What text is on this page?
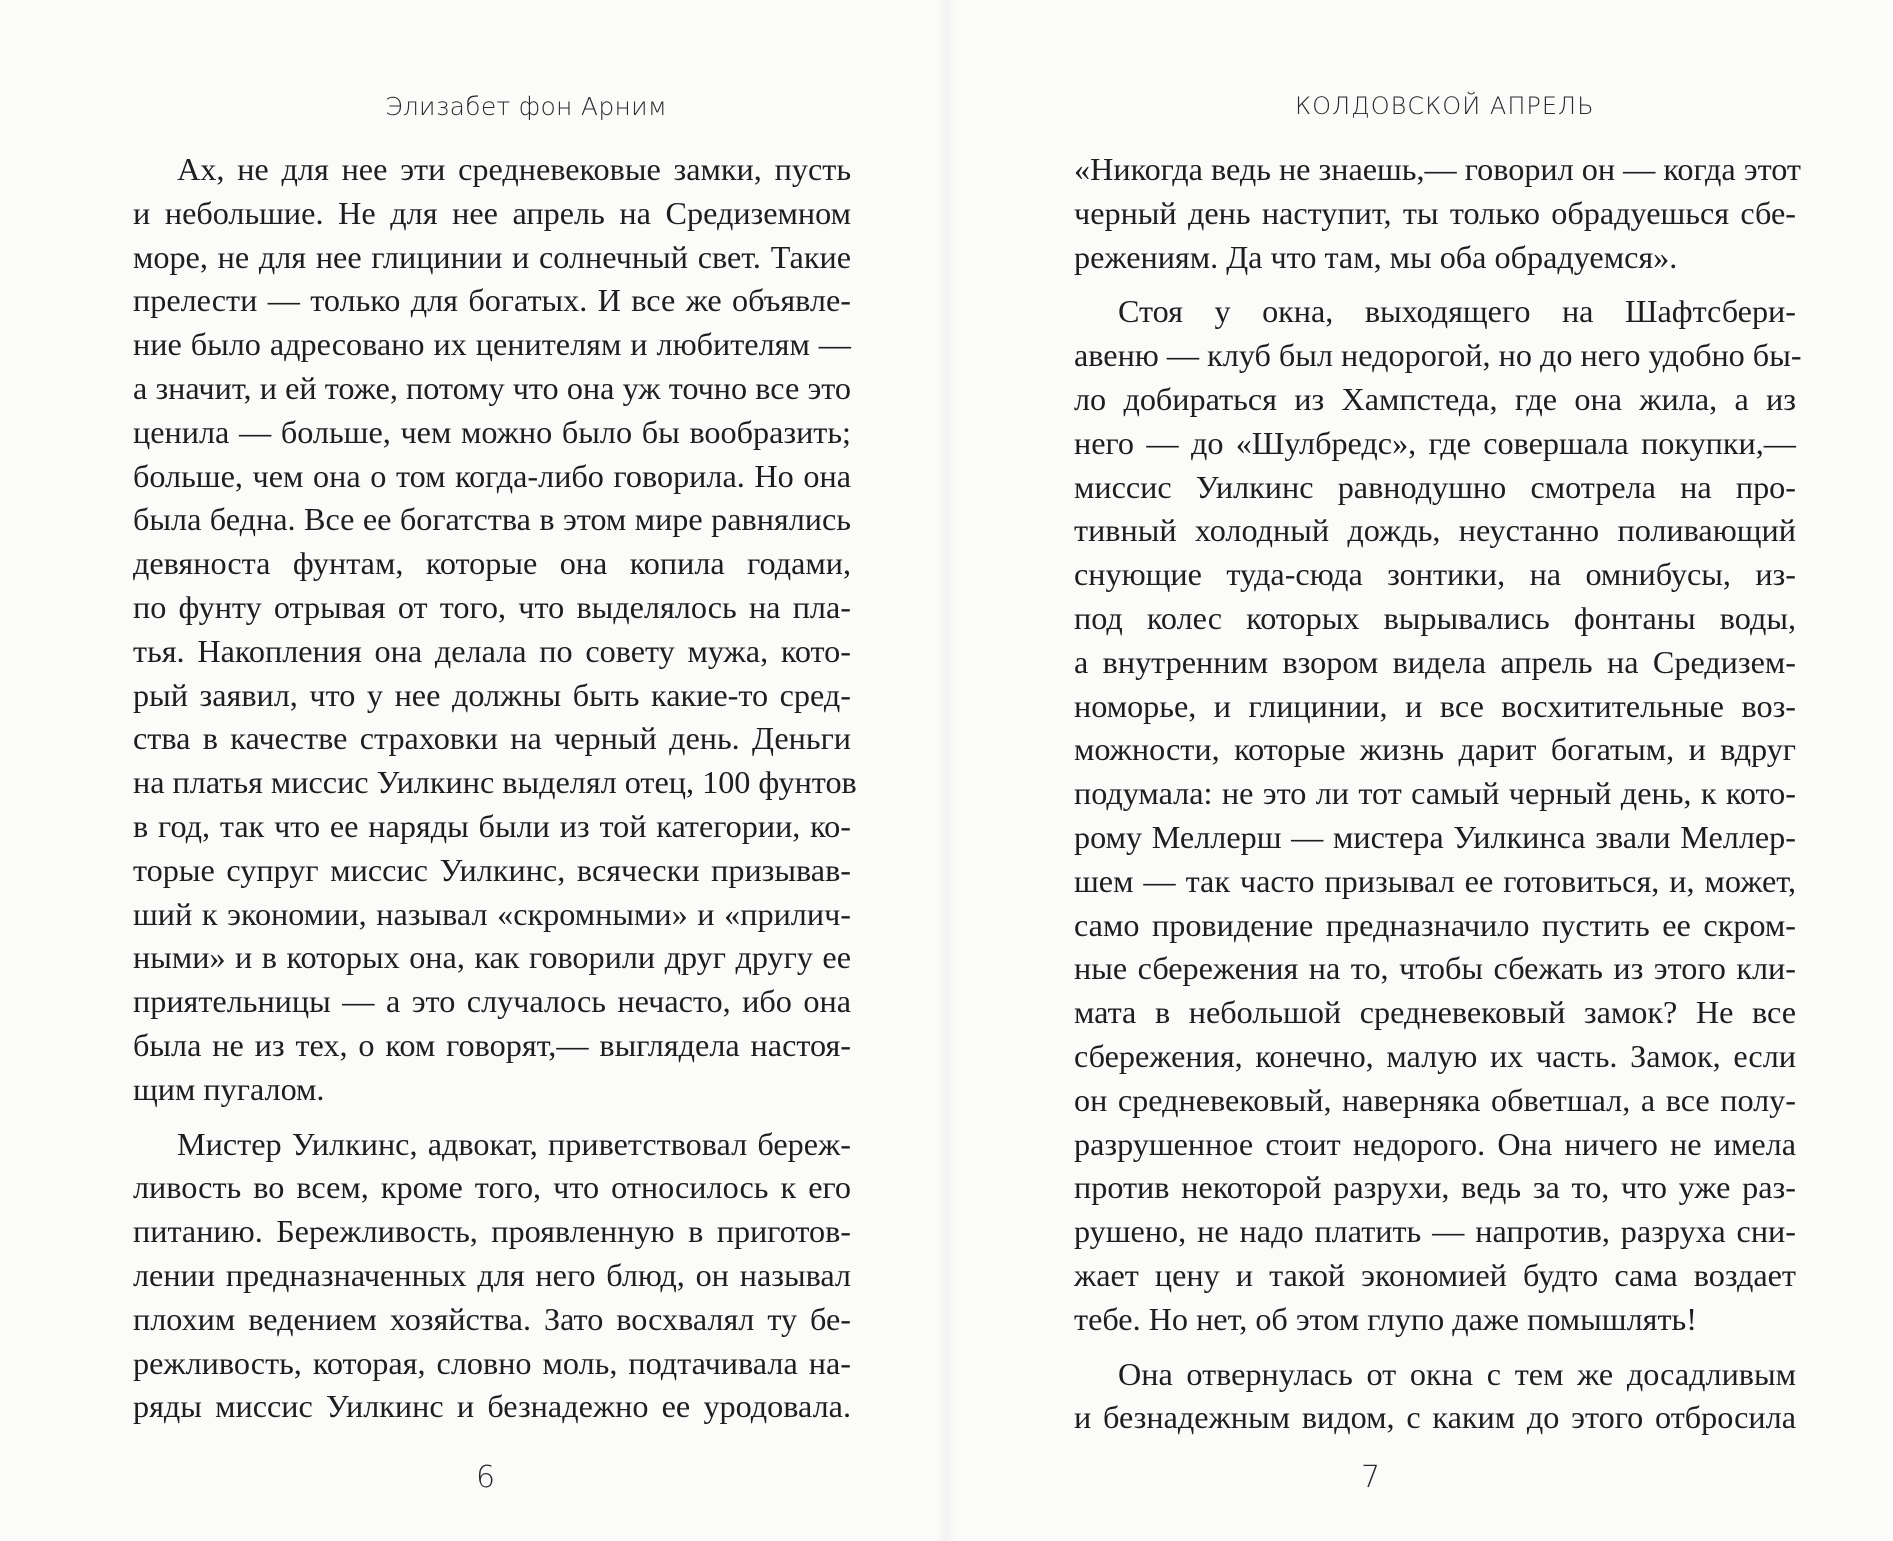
Элизабет фон Арним
Ах, не для нее эти средневековые замки, пусть
и небольшие. Не для нее апрель на Средиземном
море, не для нее глицинии и солнечный свет. Такие
прелести — только для богатых. И все же объявле-
ние было адресовано их ценителям и любителям —
а значит, и ей тоже, потому что она уж точно все это
ценила — больше, чем можно было бы вообразить;
больше, чем она о том когда-либо говорила. Но она
была бедна. Все ее богатства в этом мире равнялись
девяноста фунтам, которые она копила годами,
по фунту отрывая от того, что выделялось на пла-
тья. Накопления она делала по совету мужа, кото-
рый заявил, что у нее должны быть какие-то сред-
ства в качестве страховки на черный день. Деньги
на платья миссис Уилкинс выделял отец, 100 фунтов
в год, так что ее наряды были из той категории, ко-
торые супруг миссис Уилкинс, всячески призывав-
ший к экономии, называл «скромными» и «прилич-
ными» и в которых она, как говорили друг другу ее
приятельницы — а это случалось нечасто, ибо она
была не из тех, о ком говорят,— выглядела настоя-
щим пугалом.
Мистер Уилкинс, адвокат, приветствовал береж-
ливость во всем, кроме того, что относилось к его
питанию. Бережливость, проявленную в приготов-
лении предназначенных для него блюд, он называл
плохим ведением хозяйства. Зато восхвалял ту бе-
режливость, которая, словно моль, подтачивала на-
ряды миссис Уилкинс и безнадежно ее уродовала.
6
КОЛДОВСКОЙ АПРЕЛЬ
«Никогда ведь не знаешь,— говорил он — когда этот
черный день наступит, ты только обрадуешься сбе-
режениям. Да что там, мы оба обрадуемся».
Стоя у окна, выходящего на Шафтсбери-
авеню — клуб был недорогой, но до него удобно бы-
ло добираться из Хампстеда, где она жила, а из
него — до «Шулбредс», где совершала покупки,—
миссис Уилкинс равнодушно смотрела на про-
тивный холодный дождь, неустанно поливающий
снующие туда-сюда зонтики, на омнибусы, из-
под колес которых вырывались фонтаны воды,
а внутренним взором видела апрель на Средизем-
номорье, и глицинии, и все восхитительные воз-
можности, которые жизнь дарит богатым, и вдруг
подумала: не это ли тот самый черный день, к кото-
рому Меллерш — мистера Уилкинса звали Меллер-
шем — так часто призывал ее готовиться, и, может,
само провидение предназначило пустить ее скром-
ные сбережения на то, чтобы сбежать из этого кли-
мата в небольшой средневековый замок? Не все
сбережения, конечно, малую их часть. Замок, если
он средневековый, наверняка обветшал, а все полу-
разрушенное стоит недорого. Она ничего не имела
против некоторой разрухи, ведь за то, что уже раз-
рушено, не надо платить — напротив, разруха сни-
жает цену и такой экономией будто сама воздает
тебе. Но нет, об этом глупо даже помышлять!
Она отвернулась от окна с тем же досадливым
и безнадежным видом, с каким до этого отбросила
7
